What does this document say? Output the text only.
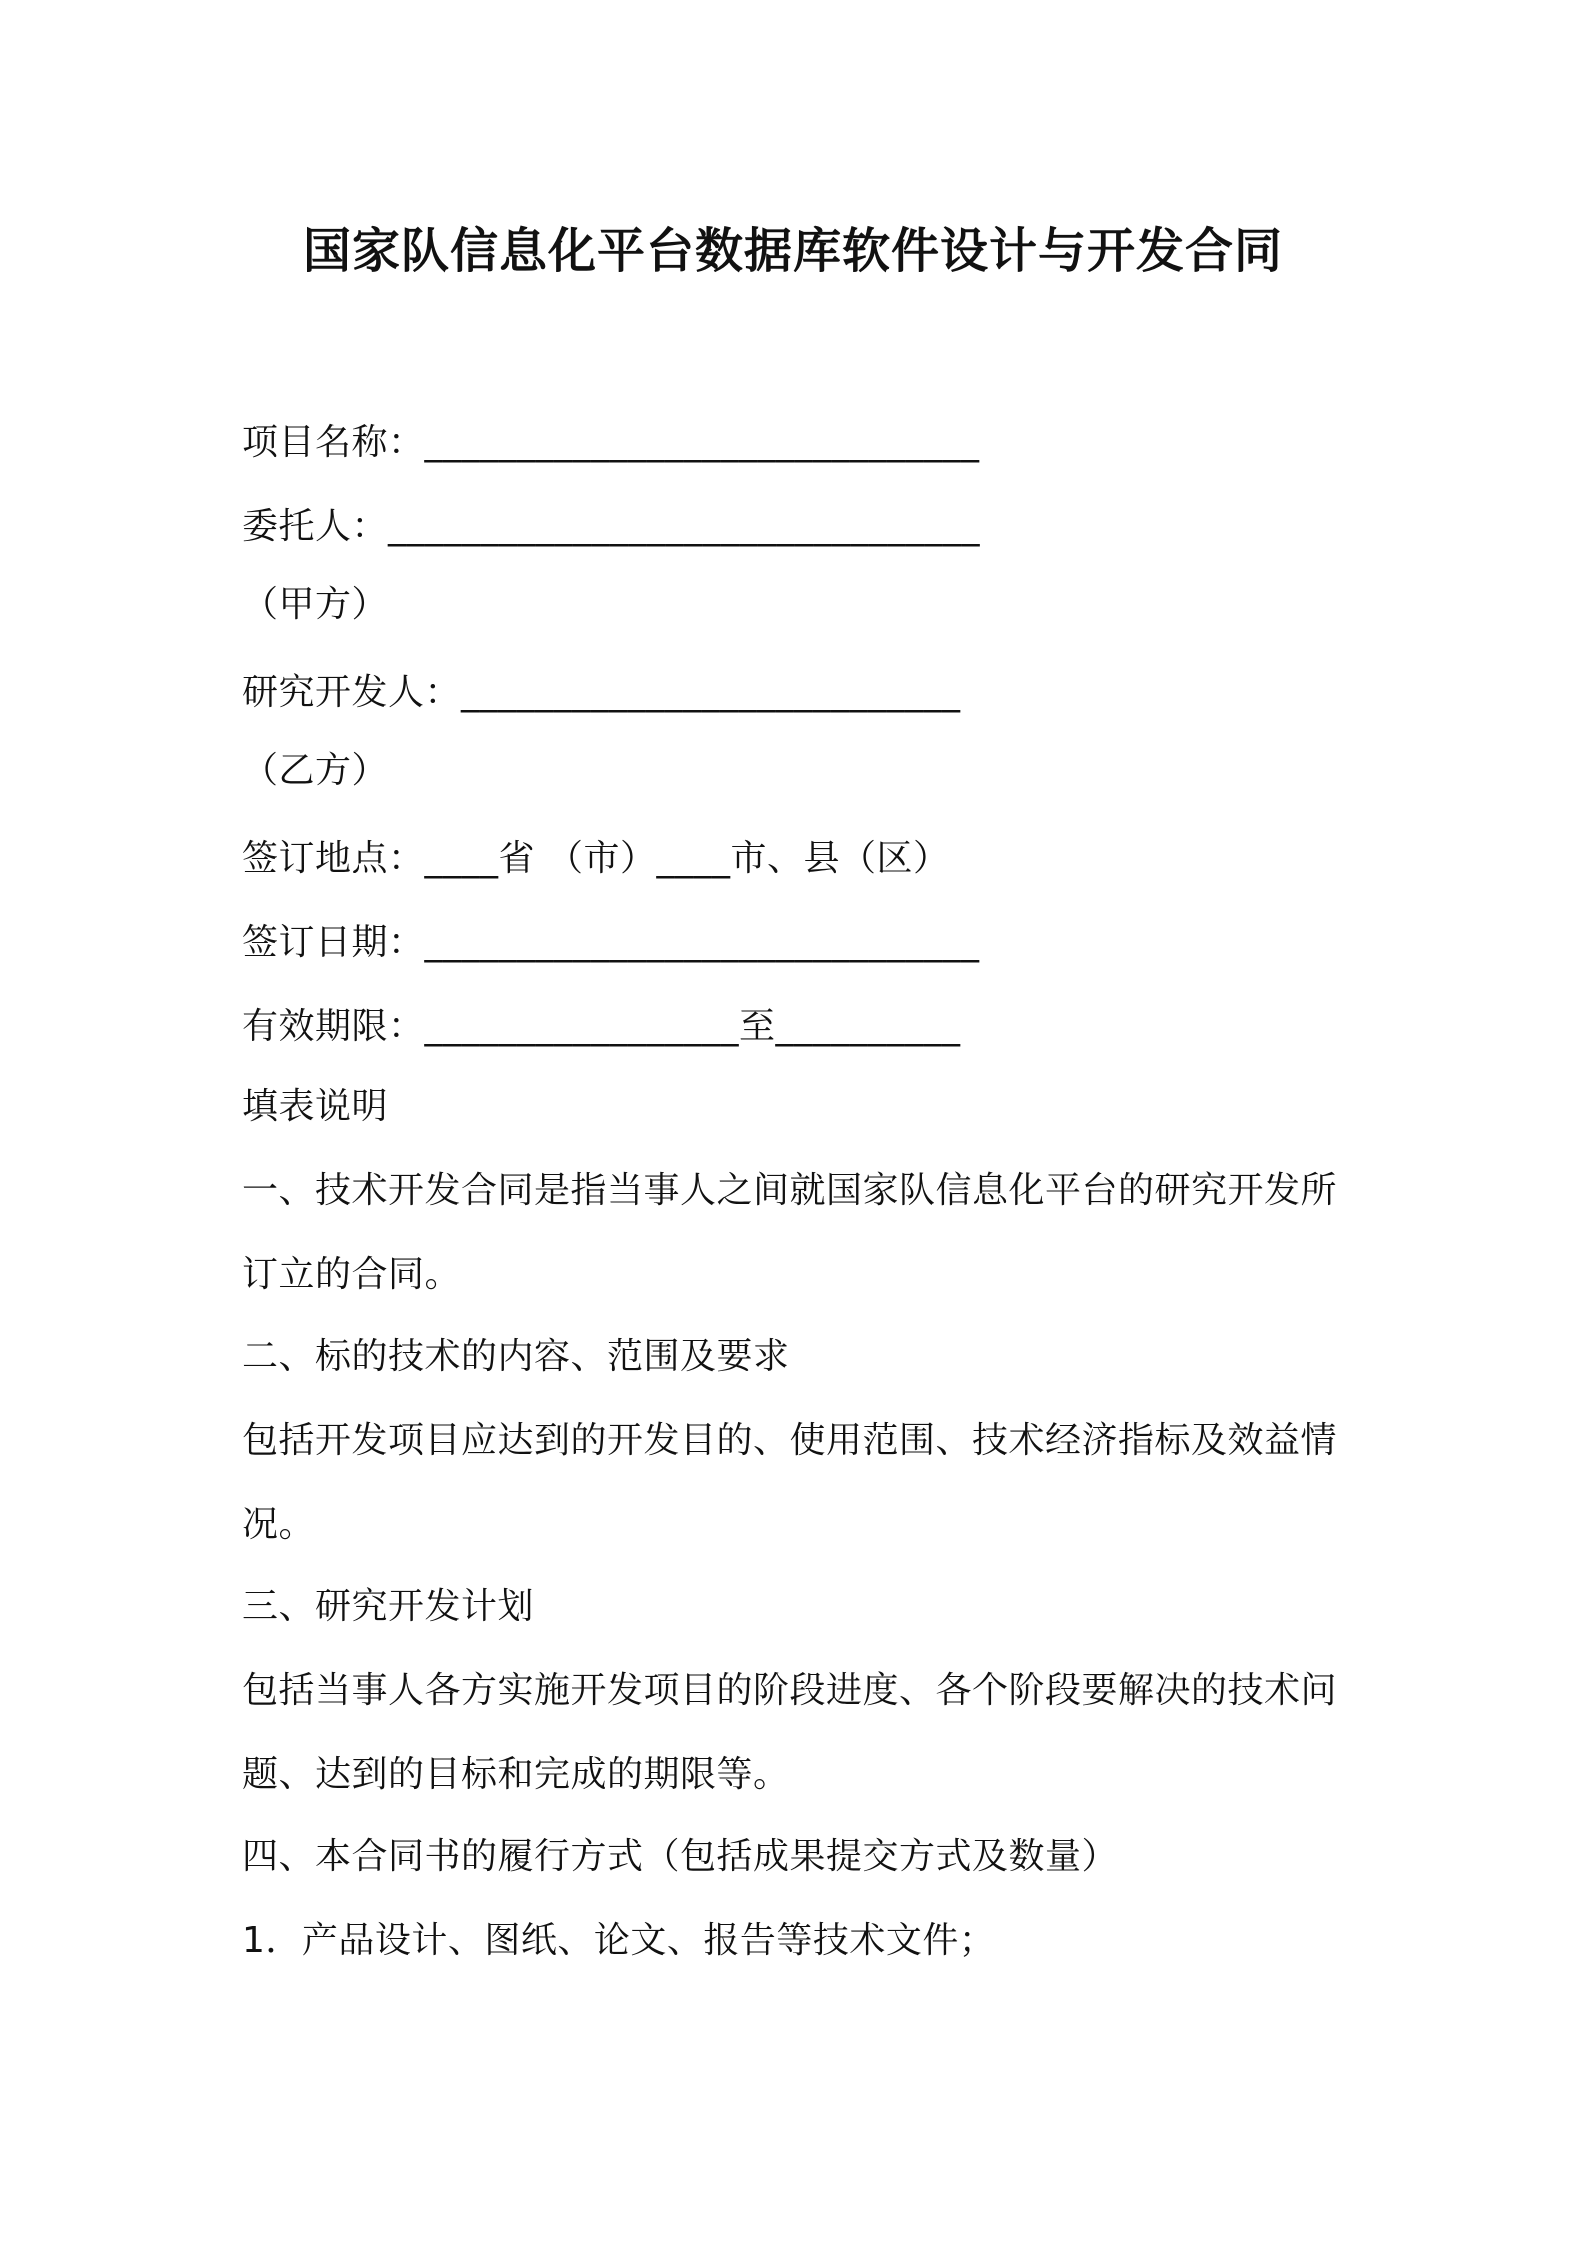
国家队信息化平台数据库软件设计与开发合同
项目名称：______________________________
委托人：________________________________
（甲方）
研究开发人：___________________________
（乙方）
签订地点：____省 （市）____市、县（区）
签订日期：______________________________
有效期限：_________________至__________
填表说明
一、技术开发合同是指当事人之间就国家队信息化平台的研究开发所
订立的合同。
二、标的技术的内容、范围及要求
包括开发项目应达到的开发目的、使用范围、技术经济指标及效益情
况。
三、研究开发计划
包括当事人各方实施开发项目的阶段进度、各个阶段要解决的技术问
题、达到的目标和完成的期限等。
四、本合同书的履行方式（包括成果提交方式及数量）
1．产品设计、图纸、论文、报告等技术文件；
